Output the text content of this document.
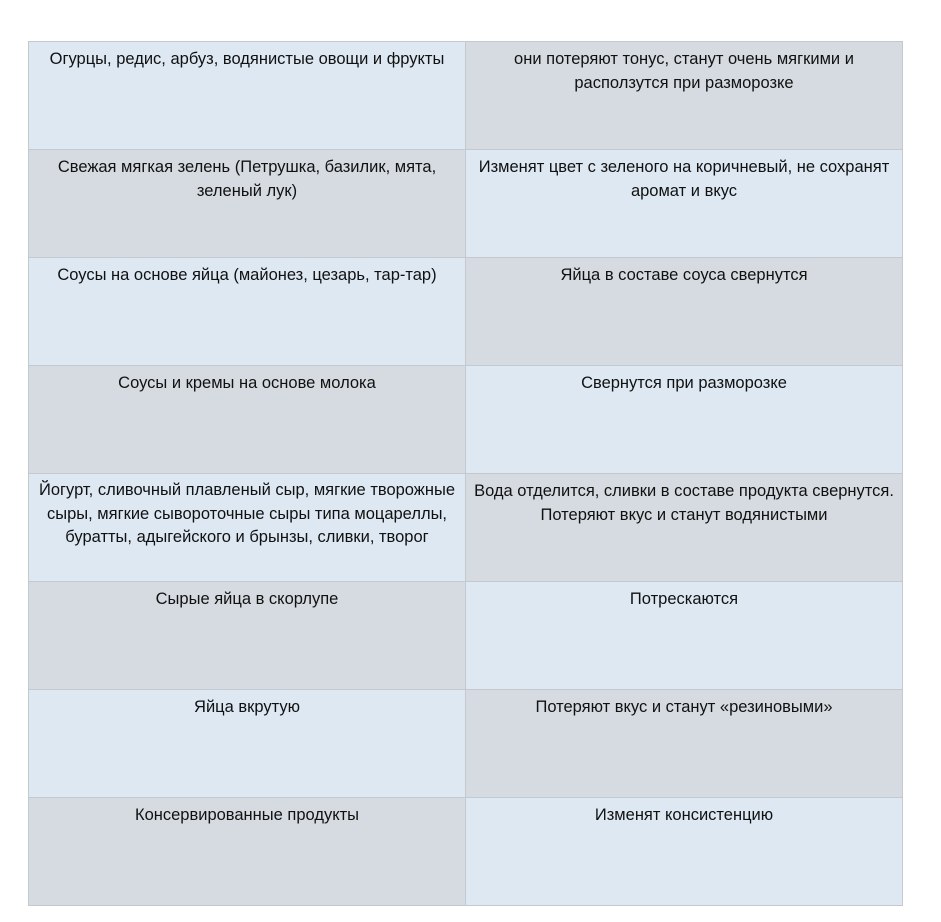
Огурцы, редис, арбуз, водянистые овощи и фрукты	они потеряют тонус, станут очень мягкими и расползутся при разморозке
Свежая мягкая зелень (Петрушка, базилик, мята, зеленый лук)	Изменят цвет с зеленого на коричневый, не сохранят аромат и вкус
Соусы на основе яйца (майонез, цезарь, тар-тар)	Яйца в составе соуса свернутся
Соусы и кремы на основе молока	Свернутся при разморозке
Йогурт, сливочный плавленый сыр, мягкие творожные сыры, мягкие сывороточные сыры типа моцареллы, буратты, адыгейского и брынзы, сливки, творог	Вода отделится, сливки в составе продукта свернутся. Потеряют вкус и станут водянистыми
Сырые яйца в скорлупе	Потрескаются
Яйца вкрутую	Потеряют вкус и станут «резиновыми»
Консервированные продукты	Изменят консистенцию
